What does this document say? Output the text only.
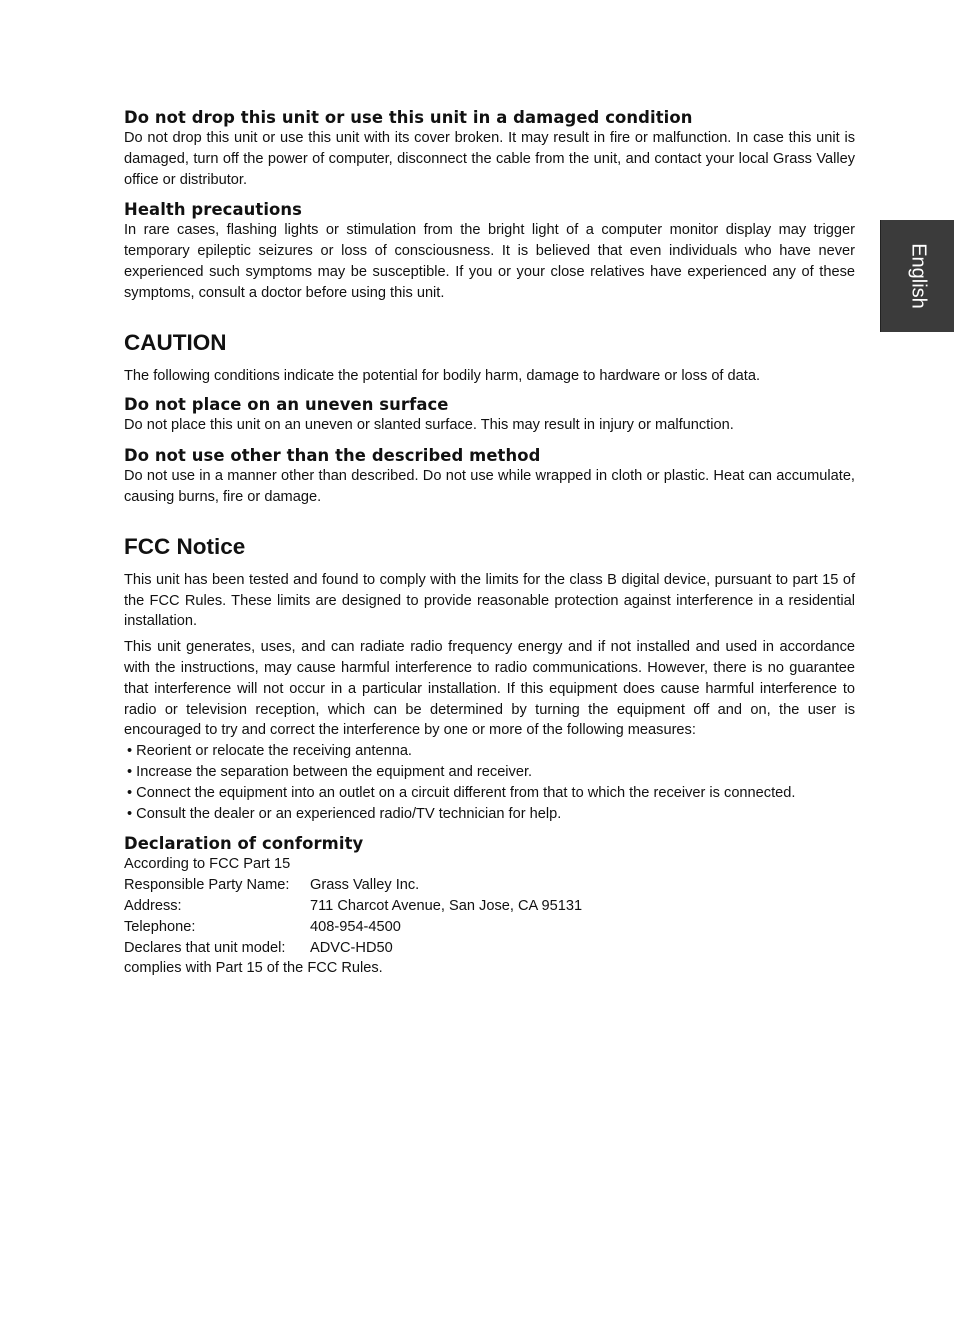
English
Do not drop this unit or use this unit in a damaged condition

Do not drop this unit or use this unit with its cover broken. It may result in fire or malfunction. In case this unit is damaged, turn off the power of computer, disconnect the cable from the unit, and contact your local Grass Valley office or distributor.

Health precautions

In rare cases, flashing lights or stimulation from the bright light of a computer monitor display may trigger temporary epileptic seizures or loss of consciousness. It is believed that even individuals who have never experienced such symptoms may be susceptible. If you or your close relatives have experienced any of these symptoms, consult a doctor before using this unit.

CAUTION

The following conditions indicate the potential for bodily harm, damage to hardware or loss of data.

Do not place on an uneven surface

Do not place this unit on an uneven or slanted surface. This may result in injury or malfunction.

Do not use other than the described method

Do not use in a manner other than described. Do not use while wrapped in cloth or plastic. Heat can accumulate, causing burns, fire or damage.

FCC Notice

This unit has been tested and found to comply with the limits for the class B digital device, pursuant to part 15 of the FCC Rules. These limits are designed to provide reasonable protection against interference in a residential installation.

This unit generates, uses, and can radiate radio frequency energy and if not installed and used in accordance with the instructions, may cause harmful interference to radio communications. However, there is no guarantee that interference will not occur in a particular installation. If this equipment does cause harmful interference to radio or television reception, which can be determined by turning the equipment off and on, the user is encouraged to try and correct the interference by one or more of the following measures:

• Reorient or relocate the receiving antenna.
• Increase the separation between the equipment and receiver.
• Connect the equipment into an outlet on a circuit different from that to which the receiver is connected.
• Consult the dealer or an experienced radio/TV technician for help.
Declaration of conformity
According to FCC Part 15
Responsible Party Name:	Grass Valley Inc.
Address:	711 Charcot Avenue, San Jose, CA 95131
Telephone:	408-954-4500
Declares that unit model:	ADVC-HD50
complies with Part 15 of the FCC Rules.
